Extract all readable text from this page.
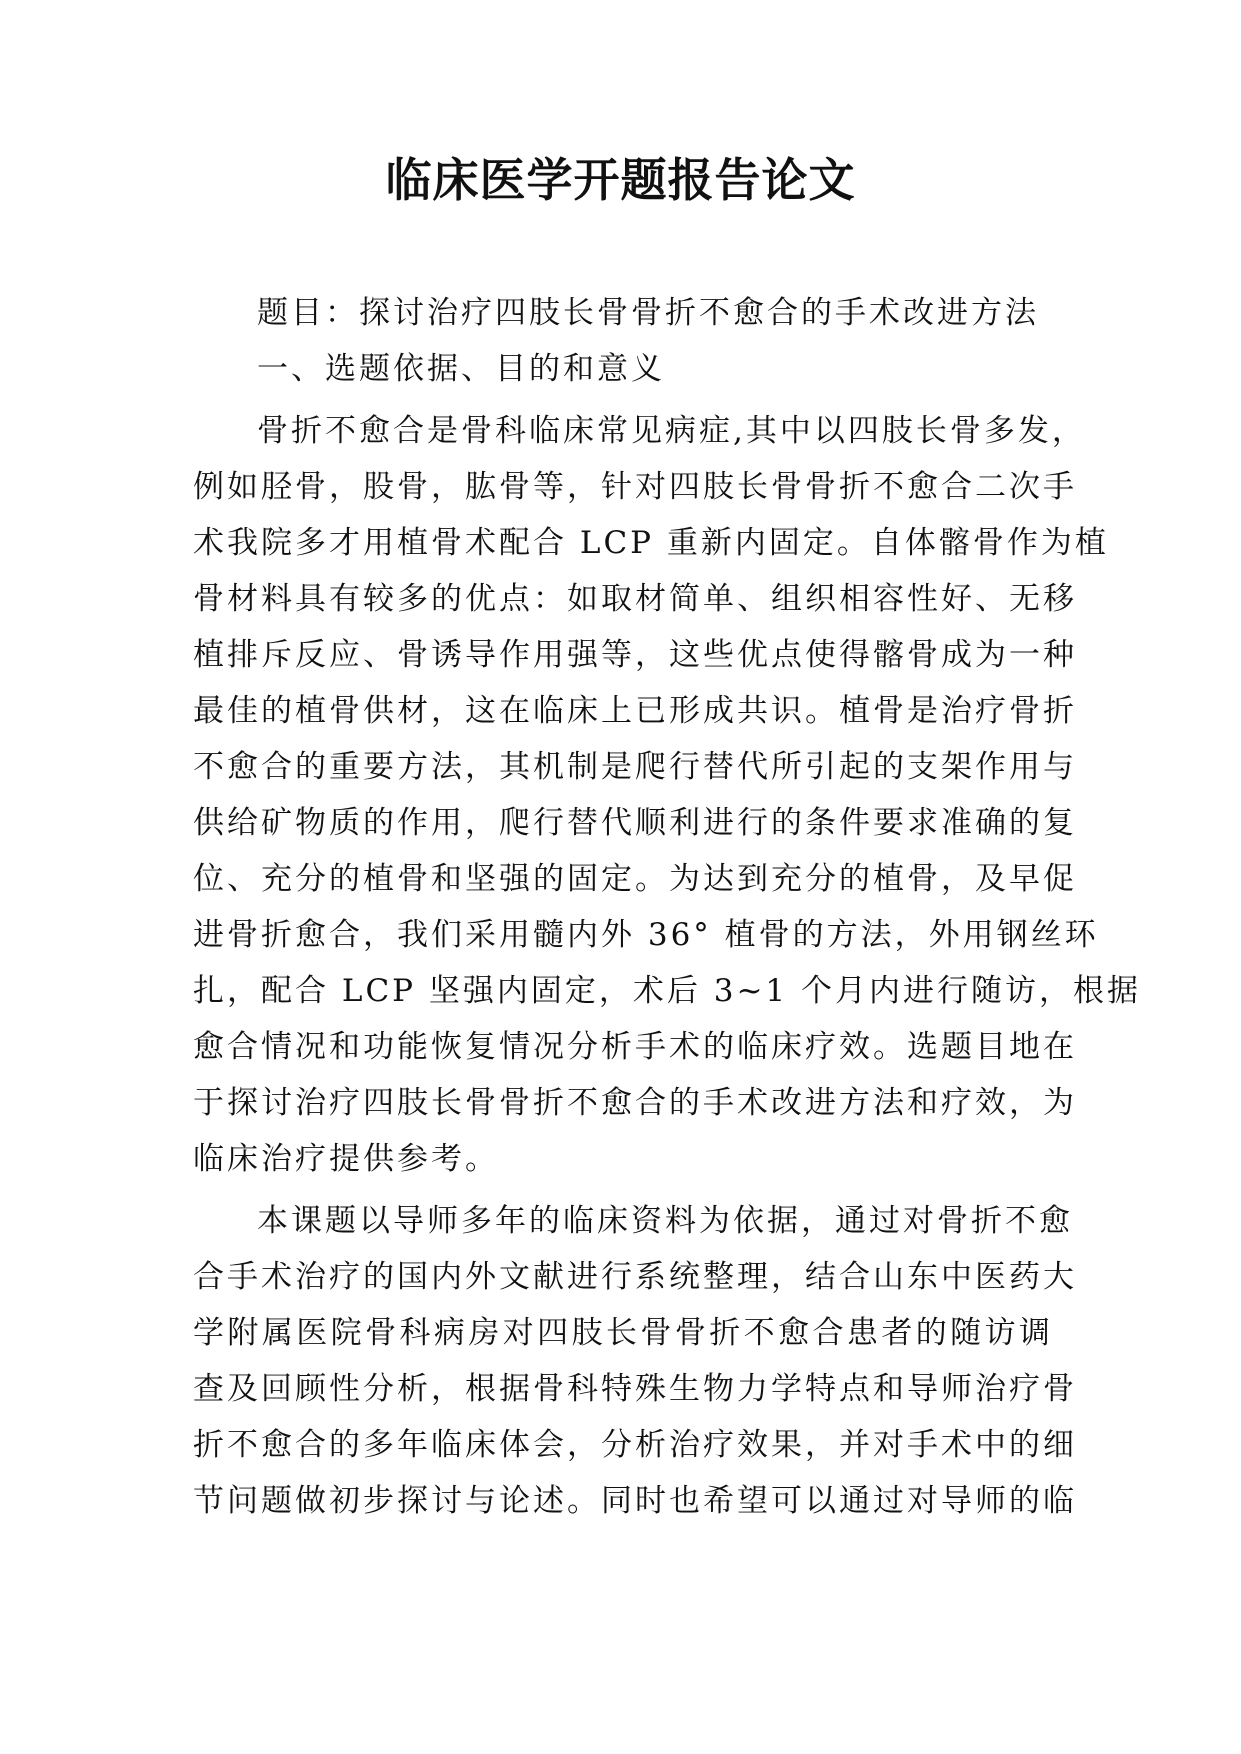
临床医学开题报告论文
题目：探讨治疗四肢长骨骨折不愈合的手术改进方法
一、选题依据、目的和意义
骨折不愈合是骨科临床常见病症,其中以四肢长骨多发，
例如胫骨，股骨，肱骨等，针对四肢长骨骨折不愈合二次手
术我院多才用植骨术配合 LCP 重新内固定。自体髂骨作为植
骨材料具有较多的优点：如取材简单、组织相容性好、无移
植排斥反应、骨诱导作用强等，这些优点使得髂骨成为一种
最佳的植骨供材，这在临床上已形成共识。植骨是治疗骨折
不愈合的重要方法，其机制是爬行替代所引起的支架作用与
供给矿物质的作用，爬行替代顺利进行的条件要求准确的复
位、充分的植骨和坚强的固定。为达到充分的植骨，及早促
进骨折愈合，我们采用髓内外 36° 植骨的方法，外用钢丝环
扎，配合 LCP 坚强内固定，术后 3~1 个月内进行随访，根据
愈合情况和功能恢复情况分析手术的临床疗效。选题目地在
于探讨治疗四肢长骨骨折不愈合的手术改进方法和疗效，为
临床治疗提供参考。
本课题以导师多年的临床资料为依据，通过对骨折不愈
合手术治疗的国内外文献进行系统整理，结合山东中医药大
学附属医院骨科病房对四肢长骨骨折不愈合患者的随访调
查及回顾性分析，根据骨科特殊生物力学特点和导师治疗骨
折不愈合的多年临床体会，分析治疗效果，并对手术中的细
节问题做初步探讨与论述。同时也希望可以通过对导师的临
